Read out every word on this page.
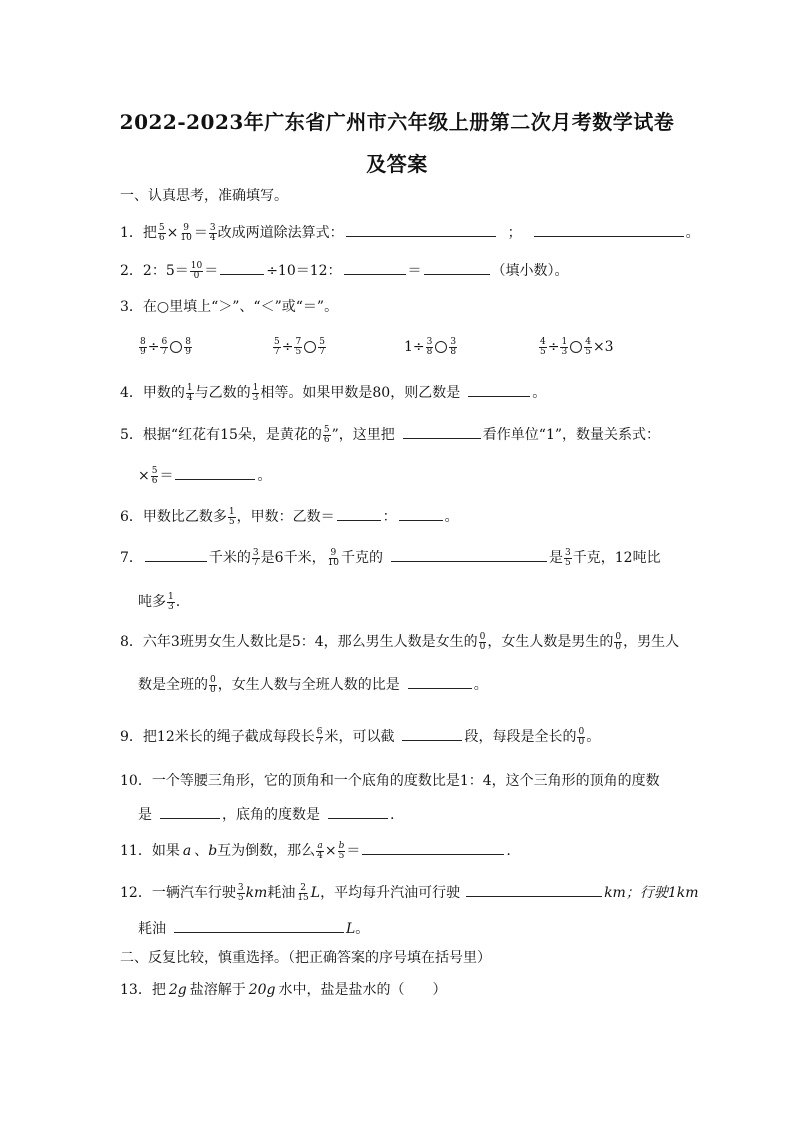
2022-2023年广东省广州市六年级上册第二次月考数学试卷
及答案
一、认真思考，准确填写。
1．把 $\frac{5}{6} \times \frac{9}{10} = \frac{3}{4}$ 改成两道除法算式：	；	。
2．2：$5= \frac{10}{0}$ ＝	÷10＝12：	＝	（填小数）。
3．在○里填上“＞”、“＜”或“＝”。
$\frac{8}{9} \div \frac{6}{7} \frac{8}{9}$	$\frac{5}{7} \div \frac{7}{5} \frac{5}{7}$	$1\div \frac{3}{8} \frac{3}{8}$	$\frac{4}{5} \div \frac{1}{3} \frac{4}{5} \times 3$
4．甲数的 $\frac{1}{4}$ 与乙数的 $\frac{1}{3}$ 相等。如果甲数是80，则乙数是	。
5．根据“红花有15朵，是黄花的 $\frac{5}{6}$ ”，这里把	看作单位“1”，数量关系式：
× $\frac{5}{6}$ ＝	。
6．甲数比乙数多 $\frac{1}{5}$ ，甲数：乙数＝	：	。
7．	千米的 $\frac{3}{7}$ 是6千米， $\frac{9}{10}$ 千克的	是 $\frac{3}{5}$ 千克，12吨比
吨多 $\frac{1}{3}$ .
8．六年3班男女生人数比是5：4，那么男生人数是女生的 $\frac{0}{0}$ ，女生人数是男生的 $\frac{0}{0}$ ，男生人
数是全班的 $\frac{0}{0}$ ，女生人数与全班人数的比是	。
9．把12米长的绳子截成每段长 $\frac{6}{7}$ 米，可以截	段，每段是全长的 $\frac{0}{0}$ 。
10．一个等腰三角形，它的顶角和一个底角的度数比是1：4，这个三角形的顶角的度数
是	，底角的度数是	.
11．如果 a 、b互为倒数，那么 $\frac{a}{4} \times \frac{b}{5}$ ＝	.
12．一辆汽车行驶 $\frac{3}{5}$ km耗油 $\frac{2}{15}$ L，平均每升汽油可行驶	km；行驶1km
耗油	L。
二、反复比较，慎重选择。（把正确答案的序号填在括号里）
13．把 2g 盐溶解于 20g 水中，盐是盐水的（　　）
